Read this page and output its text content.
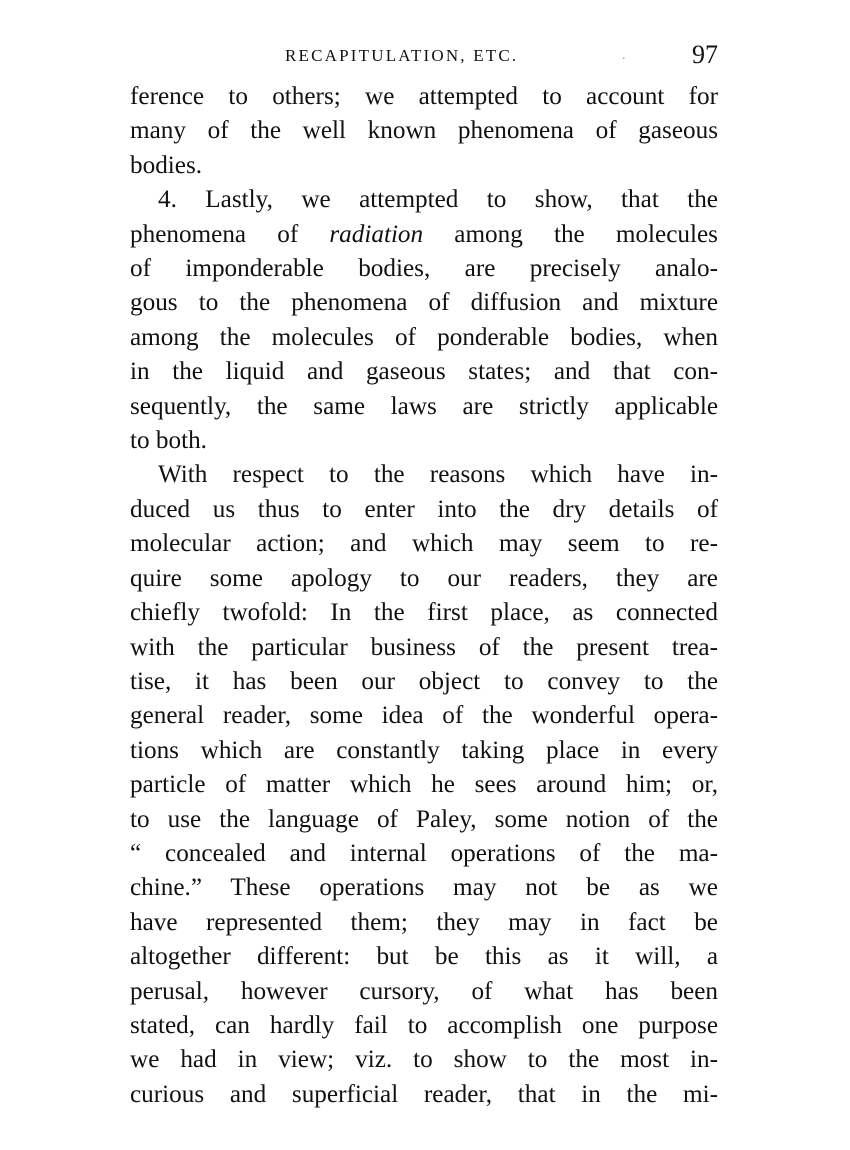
RECAPITULATION, ETC.	.	97
ference to others; we attempted to account for
many of the well known phenomena of gaseous
bodies.
4. Lastly, we attempted to show, that the
phenomena of radiation among the molecules
of imponderable bodies, are precisely analo-
gous to the phenomena of diffusion and mixture
among the molecules of ponderable bodies, when
in the liquid and gaseous states; and that con-
sequently, the same laws are strictly applicable
to both.
With respect to the reasons which have in-
duced us thus to enter into the dry details of
molecular action; and which may seem to re-
quire some apology to our readers, they are
chiefly twofold: In the first place, as connected
with the particular business of the present trea-
tise, it has been our object to convey to the
general reader, some idea of the wonderful opera-
tions which are constantly taking place in every
particle of matter which he sees around him; or,
to use the language of Paley, some notion of the
“ concealed and internal operations of the ma-
chine.” These operations may not be as we
have represented them; they may in fact be
altogether different: but be this as it will, a
perusal, however cursory, of what has been
stated, can hardly fail to accomplish one purpose
we had in view; viz. to show to the most in-
curious and superficial reader, that in the mi-
